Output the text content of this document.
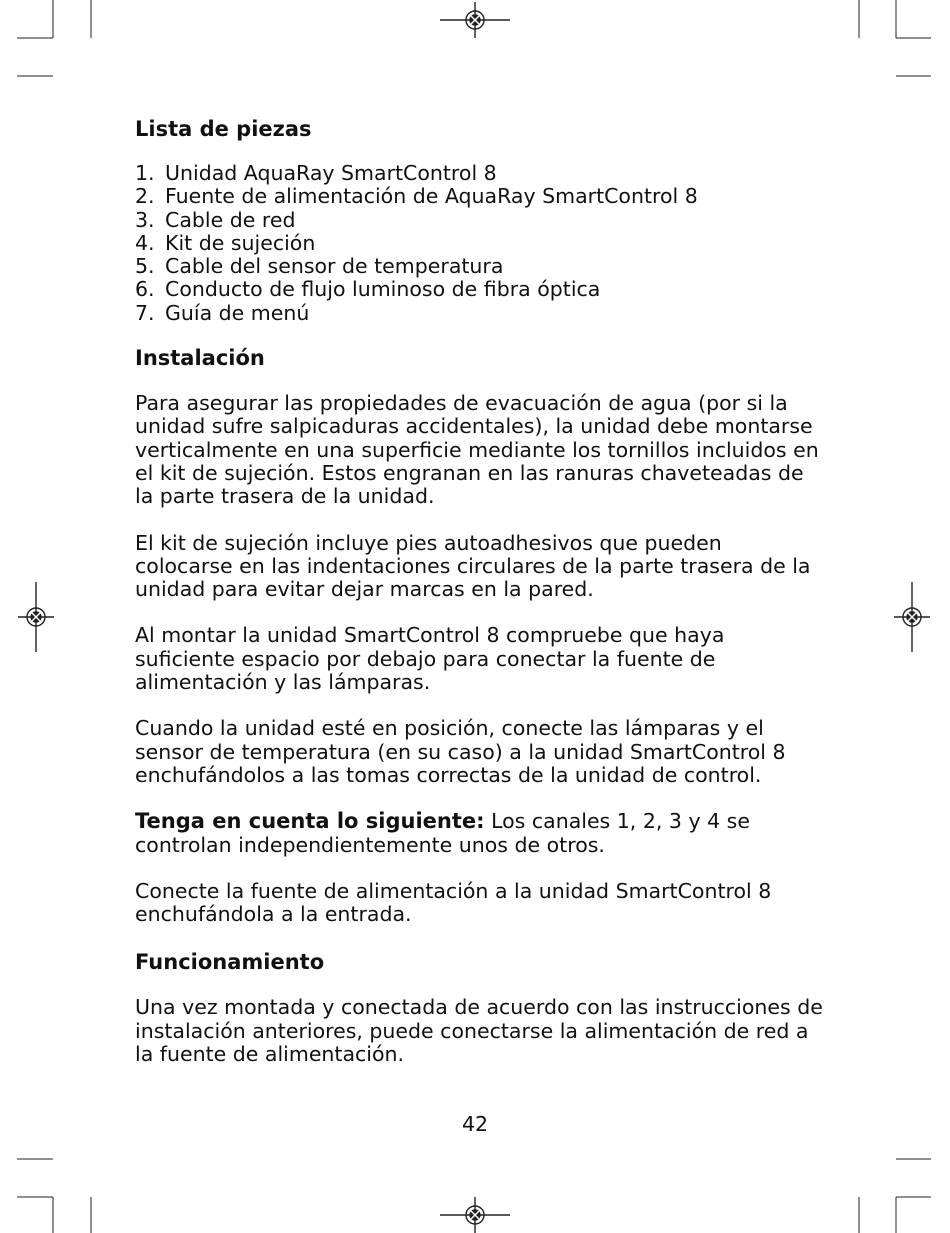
Lista de piezas
1. Unidad AquaRay SmartControl 8
2. Fuente de alimentación de AquaRay SmartControl 8
3. Cable de red
4. Kit de sujeción
5. Cable del sensor de temperatura
6. Conducto de flujo luminoso de fibra óptica
7. Guía de menú
Instalación

Para asegurar las propiedades de evacuación de agua (por si la unidad sufre salpicaduras accidentales), la unidad debe montarse verticalmente en una superficie mediante los tornillos incluidos en el kit de sujeción. Estos engranan en las ranuras chaveteadas de la parte trasera de la unidad.

El kit de sujeción incluye pies autoadhesivos que pueden colocarse en las indentaciones circulares de la parte trasera de la unidad para evitar dejar marcas en la pared.

Al montar la unidad SmartControl 8 compruebe que haya suficiente espacio por debajo para conectar la fuente de alimentación y las lámparas.

Cuando la unidad esté en posición, conecte las lámparas y el sensor de temperatura (en su caso) a la unidad SmartControl 8 enchufándolos a las tomas correctas de la unidad de control.

Tenga en cuenta lo siguiente: Los canales 1, 2, 3 y 4 se controlan independientemente unos de otros.

Conecte la fuente de alimentación a la unidad SmartControl 8 enchufándola a la entrada.

Funcionamiento

Una vez montada y conectada de acuerdo con las instrucciones de instalación anteriores, puede conectarse la alimentación de red a la fuente de alimentación.

42
